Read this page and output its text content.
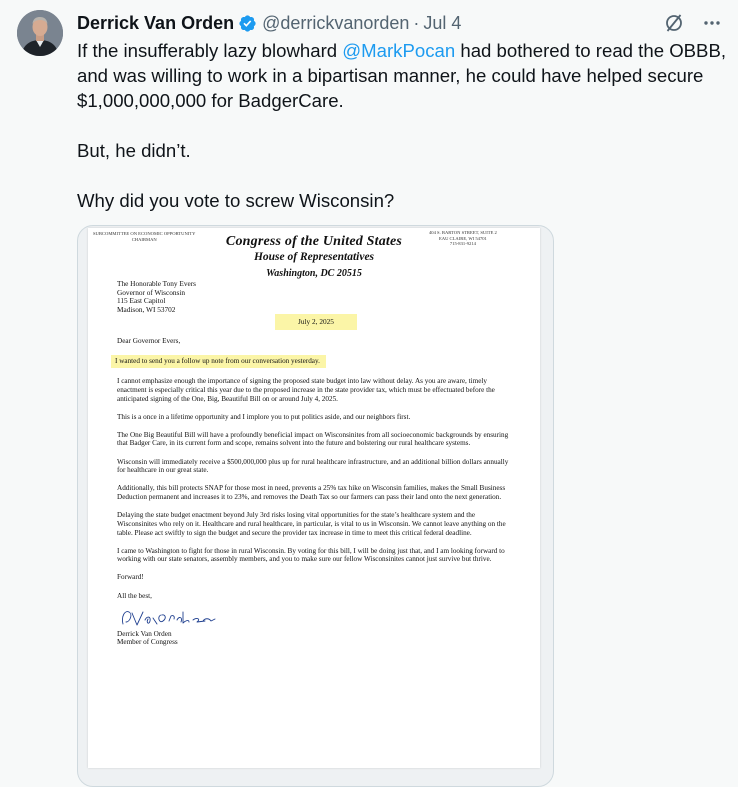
Derrick Van Orden @derrickvanorden · Jul 4

If the insufferably lazy blowhard @MarkPocan had bothered to read the OBBB, and was willing to work in a bipartisan manner, he could have helped secure $1,000,000,000 for BadgerCare.

But, he didn’t.

Why did you vote to screw Wisconsin?

SUBCOMMITTEE ON ECONOMIC OPPORTUNITY
CHAIRMAN
404 S. BARTON STREET, SUITE 2
EAU CLAIRE, WI 54701
715-831-9214
Congress of the United States
House of Representatives
Washington, DC 20515
The Honorable Tony Evers
Governor of Wisconsin
115 East Capitol
Madison, WI 53702
July 2, 2025

Dear Governor Evers,

I wanted to send you a follow up note from our conversation yesterday.

I cannot emphasize enough the importance of signing the proposed state budget into law without delay. As you are aware, timely enactment is especially critical this year due to the proposed increase in the state provider tax, which must be effectuated before the anticipated signing of the One, Big, Beautiful Bill on or around July 4, 2025.

This is a once in a lifetime opportunity and I implore you to put politics aside, and our neighbors first.

The One Big Beautiful Bill will have a profoundly beneficial impact on Wisconsinites from all socioeconomic backgrounds by ensuring that Badger Care, in its current form and scope, remains solvent into the future and bolstering our rural healthcare systems.

Wisconsin will immediately receive a $500,000,000 plus up for rural healthcare infrastructure, and an additional billion dollars annually for healthcare in our great state.

Additionally, this bill protects SNAP for those most in need, prevents a 25% tax hike on Wisconsin families, makes the Small Business Deduction permanent and increases it to 23%, and removes the Death Tax so our farmers can pass their land onto the next generation.

Delaying the state budget enactment beyond July 3rd risks losing vital opportunities for the state’s healthcare system and the Wisconsinites who rely on it. Healthcare and rural healthcare, in particular, is vital to us in Wisconsin. We cannot leave anything on the table. Please act swiftly to sign the budget and secure the provider tax increase in time to meet this critical federal deadline.

I came to Washington to fight for those in rural Wisconsin. By voting for this bill, I will be doing just that, and I am looking forward to working with our state senators, assembly members, and you to make sure our fellow Wisconsinites cannot just survive but thrive.

Forward!

All the best,

Derrick Van Orden
Member of Congress
